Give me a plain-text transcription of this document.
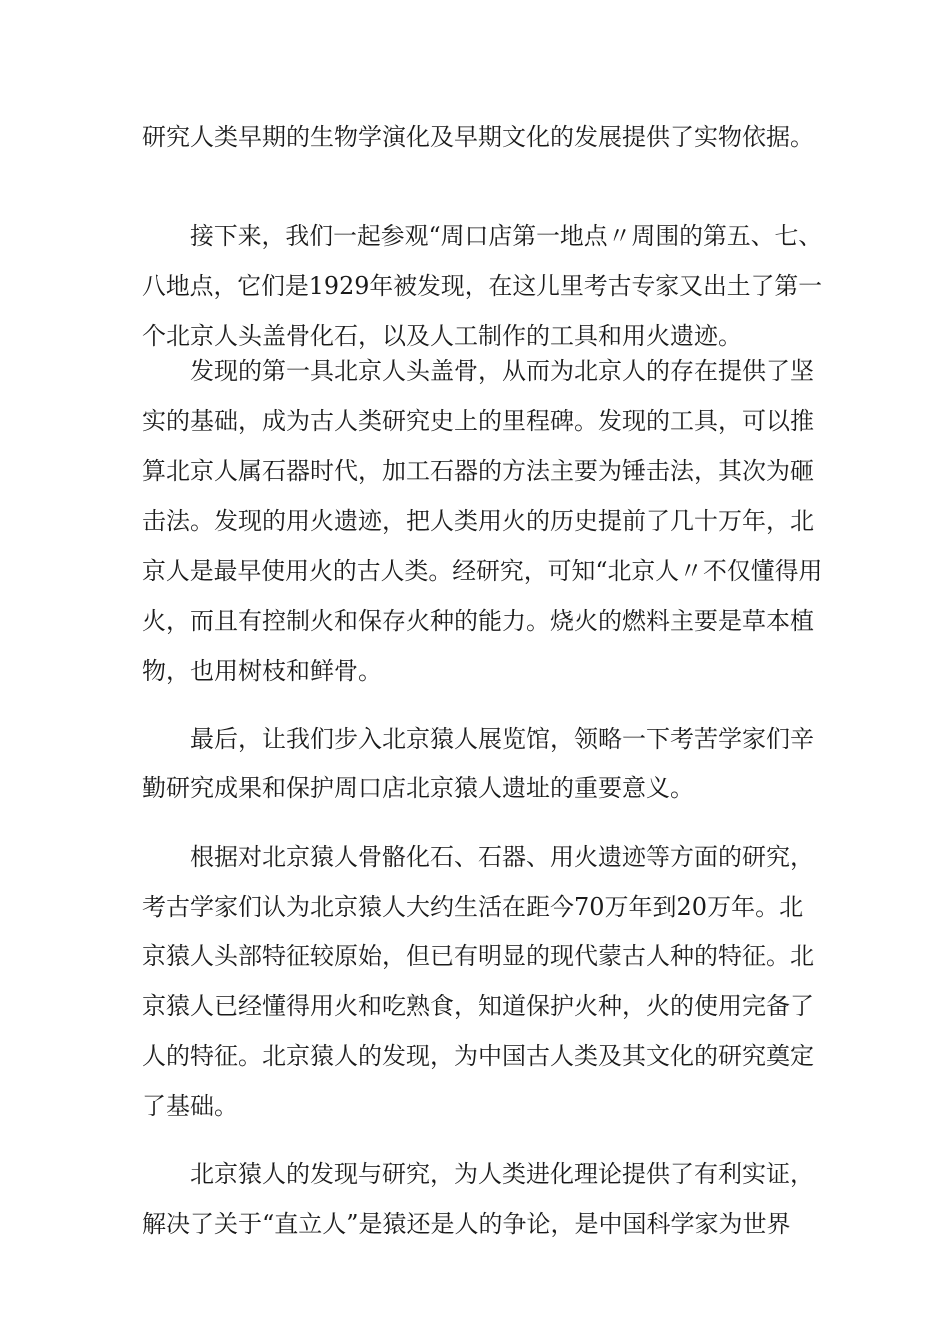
研究人类早期的生物学演化及早期文化的发展提供了实物依据。
接下来，我们一起参观“周口店第一地点〃周围的第五、七、
八地点，它们是1929年被发现，在这儿里考古专家又出土了第一
个北京人头盖骨化石，以及人工制作的工具和用火遗迹。
发现的第一具北京人头盖骨，从而为北京人的存在提供了坚
实的基础，成为古人类研究史上的里程碑。发现的工具，可以推
算北京人属石器时代，加工石器的方法主要为锤击法，其次为砸
击法。发现的用火遗迹，把人类用火的历史提前了几十万年，北
京人是最早使用火的古人类。经研究，可知“北京人〃不仅懂得用
火，而且有控制火和保存火种的能力。烧火的燃料主要是草本植
物，也用树枝和鲜骨。
最后，让我们步入北京猿人展览馆，领略一下考苦学家们辛
勤研究成果和保护周口店北京猿人遗址的重要意义。
根据对北京猿人骨骼化石、石器、用火遗迹等方面的研究，
考古学家们认为北京猿人大约生活在距今70万年到20万年。北
京猿人头部特征较原始，但已有明显的现代蒙古人种的特征。北
京猿人已经懂得用火和吃熟食，知道保护火种，火的使用完备了
人的特征。北京猿人的发现，为中国古人类及其文化的研究奠定
了基础。
北京猿人的发现与研究，为人类进化理论提供了有利实证，
解决了关于“直立人”是猿还是人的争论，是中国科学家为世界
